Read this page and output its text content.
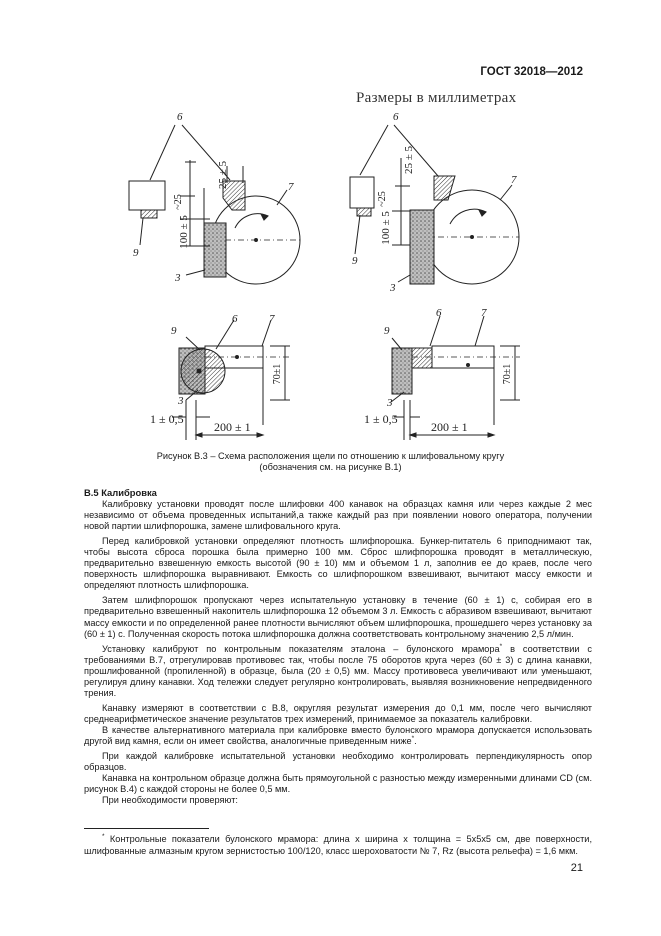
ГОСТ 32018—2012
Размеры в миллиметрах
6
7
9
3
25 ± 5
~25
100 ± 5
6
7
9
3
25 ± 5
~25
100 ± 5
9
6	7
3
1 ± 0,5
200 ± 1
70±1
9
6	7
3
1 ± 0,5
200 ± 1
70±1
Рисунок В.3 – Схема расположения щели по отношению к шлифовальному кругу
(обозначения см. на рисунке В.1)
В.5 Калибровка

Калибровку установки проводят после шлифовки 400 канавок на образцах камня или через каждые 2 мес независимо от объема проведенных испытаний,а также каждый раз при появлении нового оператора, получении новой партии шлифпорошка, замене шлифовального круга.

Перед калибровкой установки определяют плотность шлифпорошка. Бункер-питатель 6 приподнимают так, чтобы высота сброса порошка была примерно 100 мм. Сброс шлифпорошка проводят в металлическую, предварительно взвешенную емкость высотой (90 ± 10) мм и объемом 1 л, заполнив ее до краев, после чего поверхность шлифпорошка выравнивают. Емкость со шлифпорошком взвешивают, вычитают массу емкости и определяют плотность шлифпорошка.

Затем шлифпорошок пропускают через испытательную установку в течение (60 ± 1) с, собирая его в предварительно взвешенный накопитель шлифпорошка 12 объемом 3 л. Емкость с абразивом взвешивают, вычитают массу емкости и по определенной ранее плотности вычисляют объем шлифпорошка, прошедшего через установку за (60 ± 1) с. Полученная скорость потока шлифпорошка должна соответствовать контрольному значению 2,5 л/мин.

Установку калибруют по контрольным показателям эталона – булонского мрамора* в соответствии с требованиями В.7, отрегулировав противовес так, чтобы после 75 оборотов круга через (60 ± 3) с длина канавки, прошлифованной (пропиленной) в образце, была (20 ± 0,5) мм. Массу противовеса увеличивают или уменьшают, регулируя длину канавки. Ход тележки следует регулярно контролировать, выявляя возникновение непредвиденного трения.

Канавку измеряют в соответствии с В.8, округляя результат измерения до 0,1 мм, после чего вычисляют среднеарифметическое значение результатов трех измерений, принимаемое за показатель калибровки.

В качестве альтернативного материала при калибровке вместо булонского мрамора допускается использовать другой вид камня, если он имеет свойства, аналогичные приведенным ниже*.

При каждой калибровке испытательной установки необходимо контролировать перпендикулярность опор образцов.

Канавка на контрольном образце должна быть прямоугольной с разностью между измеренными длинами CD (см. рисунок В.4) с каждой стороны не более 0,5 мм.

При необходимости проверяют:

* Контрольные показатели булонского мрамора: длина х ширина х толщина = 5х5х5 см, две поверхности, шлифованные алмазным кругом зернистостью 100/120, класс шероховатости № 7, Rz (высота рельефа) = 1,6 мкм.
21
